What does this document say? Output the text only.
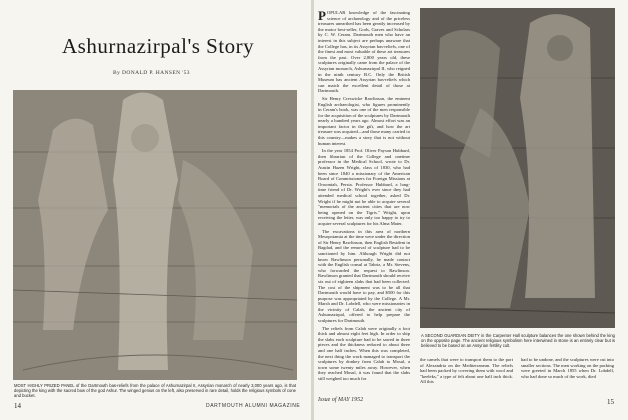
Ashurnazirpal's Story
By DONALD P. HANSEN '53
MOST HIGHLY PRIZED PANEL of the Dartmouth bas-reliefs from the palace of Ashurnazirpal II, Assyrian monarch of nearly 3,000 years ago, is that depicting the king with the sacred bow of the god Ashur. The winged genius on the left, also preserved in rare detail, holds the religious symbols of cone and bucket.
14	DARTMOUTH ALUMNI MAGAZINE

POPULAR knowledge of the fascinating science of archaeology and of the priceless treasures unearthed has been greatly increased by the motor best-seller, Gods, Graves and Scholars by C. W. Ceram. Dartmouth men who have an interest in this subject are perhaps unaware that the College has, in its Assyrian bas-reliefs, one of the finest and most valuable of these art treasures from the past. Over 2,800 years old, these sculptures originally came from the palace of the Assyrian monarch, Ashurnazirpal II, who reigned in the ninth century B.C. Only the British Museum has ancient Assyrian bas-reliefs which can match the excellent detail of those at Dartmouth.

Sir Henry Creswicke Rawlinson, the eminent English archaeologist, who figures prominently in Ceram's book, was one of the men responsible for the acquisition of the sculptures by Dartmouth nearly a hundred years ago. Almost effort was an important factor in the gift, and how the art treasure was acquired—and those many carried to this country—makes a story that is not without human interest.

In the year 1854 Prof. Oliver Payson Hubbard, then librarian of the College and onetime professor in the Medical School, wrote to Dr. Austin Hazen Wright, class of 1830, who had been since 1840 a missionary of the American Board of Commissioners for Foreign Missions at Oroomiah, Persia. Professor Hubbard, a long-time friend of Dr. Wright's ever since they had attended medical school together, asked Dr. Wright if he might not be able to acquire several "memorials of the ancient cities that are now being opened on the Tigris." Wright, upon receiving the letter, was only too happy to try to acquire several sculptures for his Alma Mater.

The excavations in this area of northern Mesopotamia at the time were under the direction of Sir Henry Rawlinson, then English Resident in Bagdad, and the removal of sculpture had to be sanctioned by him. Although Wright did not know Rawlinson personally, he made contact with the English consul at Tabriz, a Mr. Stevens, who forwarded the request to Rawlinson. Rawlinson granted that Dartmouth should receive six out of eighteen slabs that had been collected. The cost of the shipment was to be all that Dartmouth would have to pay, and $500 for this purpose was appropriated by the College. A Mr. Marsh and Dr. Lobdell, who were missionaries in the vicinity of Calah, the ancient city of Ashurnazirpal, offered to help prepare the sculptures for Dartmouth.

The reliefs from Calah were originally a foot thick and almost eight feet high. In order to ship the slabs each sculpture had to be sawed in three pieces and the thickness reduced to about three and one half inches. When this was completed, the next thing the work managed to transport the sculptures by donkey from Calah to Mosul, a town some twenty miles away. However, when they reached Mosul, it was found that the slabs still weighed too much for

A SECOND GUARDIAN DEITY in the Carpenter Hall sculpture balances the one shown behind the king on the opposite page. The ancient religious symbolism here interwined in stone is an entirely clear but is believed to be based on an Assyrian fertility cult.

the camels that were to transport them to the port of Alexandria on the Mediterranean. The reliefs had been packed by covering them with wool and "keeleks," a type of felt about one half inch thick. All this

had to be undone, and the sculptures were cut into smaller sections. The men working on the packing were greeted in March 1855 when Dr. Lobdell, who had done so much of the work, died

Issue of MAY 1952	15
